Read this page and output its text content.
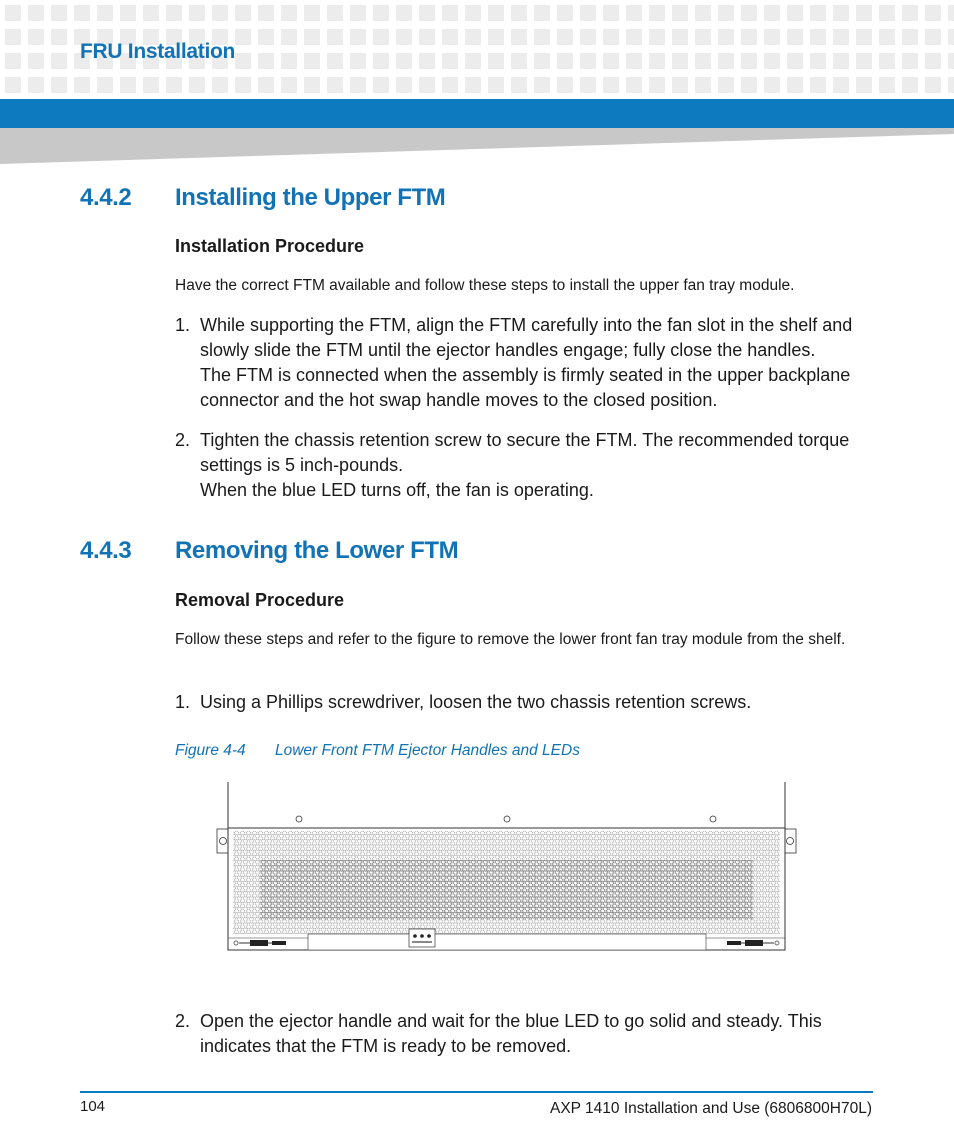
FRU Installation
4.4.2 Installing the Upper FTM
Installation Procedure
Have the correct FTM available and follow these steps to install the upper fan tray module.
1. While supporting the FTM, align the FTM carefully into the fan slot in the shelf and slowly slide the FTM until the ejector handles engage; fully close the handles.
The FTM is connected when the assembly is firmly seated in the upper backplane connector and the hot swap handle moves to the closed position.
2. Tighten the chassis retention screw to secure the FTM. The recommended torque settings is 5 inch-pounds.
When the blue LED turns off, the fan is operating.
4.4.3 Removing the Lower FTM
Removal Procedure
Follow these steps and refer to the figure to remove the lower front fan tray module from the shelf.
1. Using a Phillips screwdriver, loosen the two chassis retention screws.
Figure 4-4 Lower Front FTM Ejector Handles and LEDs
2. Open the ejector handle and wait for the blue LED to go solid and steady. This indicates that the FTM is ready to be removed.
104	AXP 1410 Installation and Use (6806800H70L)
